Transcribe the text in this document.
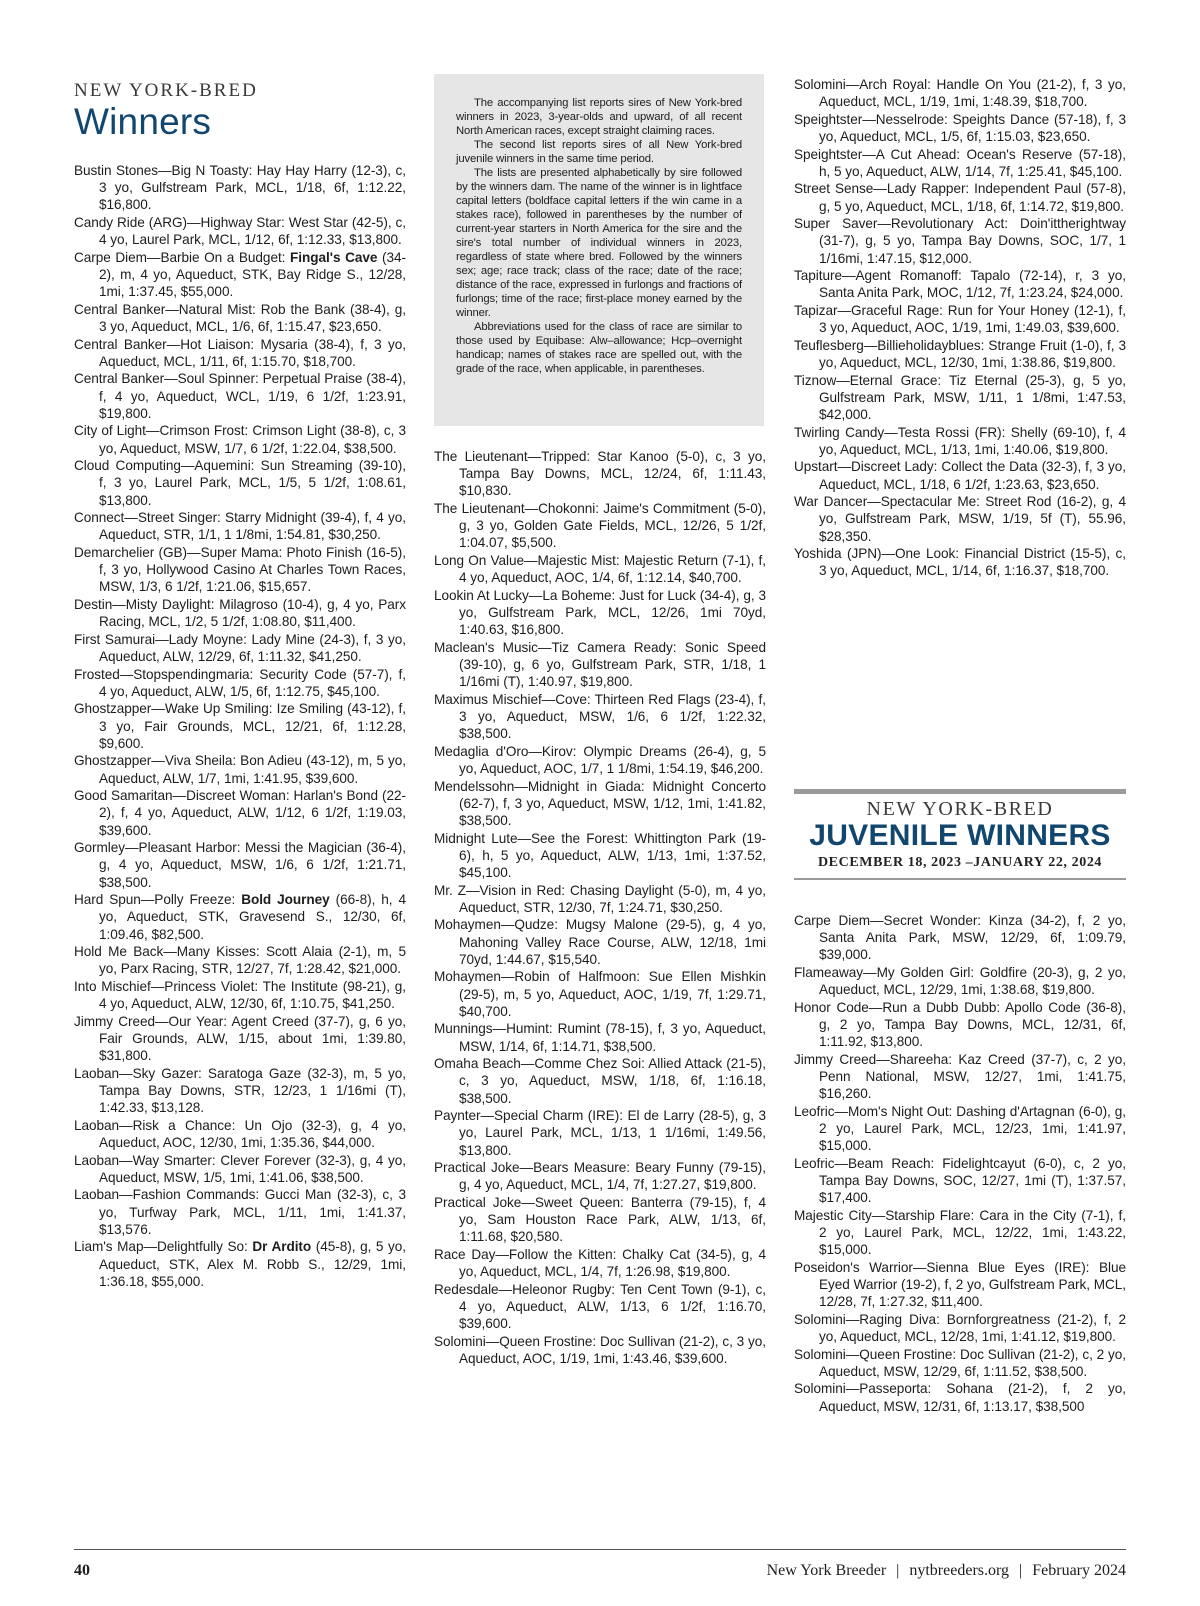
NEW YORK-BRED
Winners

Bustin Stones—Big N Toasty: Hay Hay Harry (12-3), c, 3 yo, Gulfstream Park, MCL, 1/18, 6f, 1:12.22, $16,800.

Candy Ride (ARG)—Highway Star: West Star (42-5), c, 4 yo, Laurel Park, MCL, 1/12, 6f, 1:12.33, $13,800.

Carpe Diem—Barbie On a Budget: Fingal's Cave (34-2), m, 4 yo, Aqueduct, STK, Bay Ridge S., 12/28, 1mi, 1:37.45, $55,000.

Central Banker—Natural Mist: Rob the Bank (38-4), g, 3 yo, Aqueduct, MCL, 1/6, 6f, 1:15.47, $23,650.

Central Banker—Hot Liaison: Mysaria (38-4), f, 3 yo, Aqueduct, MCL, 1/11, 6f, 1:15.70, $18,700.

Central Banker—Soul Spinner: Perpetual Praise (38-4), f, 4 yo, Aqueduct, WCL, 1/19, 6 1/2f, 1:23.91, $19,800.

City of Light—Crimson Frost: Crimson Light (38-8), c, 3 yo, Aqueduct, MSW, 1/7, 6 1/2f, 1:22.04, $38,500.

Cloud Computing—Aquemini: Sun Streaming (39-10), f, 3 yo, Laurel Park, MCL, 1/5, 5 1/2f, 1:08.61, $13,800.

Connect—Street Singer: Starry Midnight (39-4), f, 4 yo, Aqueduct, STR, 1/1, 1 1/8mi, 1:54.81, $30,250.

Demarchelier (GB)—Super Mama: Photo Finish (16-5), f, 3 yo, Hollywood Casino At Charles Town Races, MSW, 1/3, 6 1/2f, 1:21.06, $15,657.

Destin—Misty Daylight: Milagroso (10-4), g, 4 yo, Parx Racing, MCL, 1/2, 5 1/2f, 1:08.80, $11,400.

First Samurai—Lady Moyne: Lady Mine (24-3), f, 3 yo, Aqueduct, ALW, 12/29, 6f, 1:11.32, $41,250.

Frosted—Stopspendingmaria: Security Code (57-7), f, 4 yo, Aqueduct, ALW, 1/5, 6f, 1:12.75, $45,100.

Ghostzapper—Wake Up Smiling: Ize Smiling (43-12), f, 3 yo, Fair Grounds, MCL, 12/21, 6f, 1:12.28, $9,600.

Ghostzapper—Viva Sheila: Bon Adieu (43-12), m, 5 yo, Aqueduct, ALW, 1/7, 1mi, 1:41.95, $39,600.

Good Samaritan—Discreet Woman: Harlan's Bond (22-2), f, 4 yo, Aqueduct, ALW, 1/12, 6 1/2f, 1:19.03, $39,600.

Gormley—Pleasant Harbor: Messi the Magician (36-4), g, 4 yo, Aqueduct, MSW, 1/6, 6 1/2f, 1:21.71, $38,500.

Hard Spun—Polly Freeze: Bold Journey (66-8), h, 4 yo, Aqueduct, STK, Gravesend S., 12/30, 6f, 1:09.46, $82,500.

Hold Me Back—Many Kisses: Scott Alaia (2-1), m, 5 yo, Parx Racing, STR, 12/27, 7f, 1:28.42, $21,000.

Into Mischief—Princess Violet: The Institute (98-21), g, 4 yo, Aqueduct, ALW, 12/30, 6f, 1:10.75, $41,250.

Jimmy Creed—Our Year: Agent Creed (37-7), g, 6 yo, Fair Grounds, ALW, 1/15, about 1mi, 1:39.80, $31,800.

Laoban—Sky Gazer: Saratoga Gaze (32-3), m, 5 yo, Tampa Bay Downs, STR, 12/23, 1 1/16mi (T), 1:42.33, $13,128.

Laoban—Risk a Chance: Un Ojo (32-3), g, 4 yo, Aqueduct, AOC, 12/30, 1mi, 1:35.36, $44,000.

Laoban—Way Smarter: Clever Forever (32-3), g, 4 yo, Aqueduct, MSW, 1/5, 1mi, 1:41.06, $38,500.

Laoban—Fashion Commands: Gucci Man (32-3), c, 3 yo, Turfway Park, MCL, 1/11, 1mi, 1:41.37, $13,576.

Liam's Map—Delightfully So: Dr Ardito (45-8), g, 5 yo, Aqueduct, STK, Alex M. Robb S., 12/29, 1mi, 1:36.18, $55,000.

The accompanying list reports sires of New York-bred winners in 2023, 3-year-olds and upward, of all recent North American races, except straight claiming races.

The second list reports sires of all New York-bred juvenile winners in the same time period.

The lists are presented alphabetically by sire followed by the winners dam. The name of the winner is in lightface capital letters (boldface capital letters if the win came in a stakes race), followed in parentheses by the number of current-year starters in North America for the sire and the sire's total number of individual winners in 2023, regardless of state where bred. Followed by the winners sex; age; race track; class of the race; date of the race; distance of the race, expressed in furlongs and fractions of furlongs; time of the race; first-place money earned by the winner.

Abbreviations used for the class of race are similar to those used by Equibase: Alw–allowance; Hcp–overnight handicap; names of stakes race are spelled out, with the grade of the race, when applicable, in parentheses.

The Lieutenant—Tripped: Star Kanoo (5-0), c, 3 yo, Tampa Bay Downs, MCL, 12/24, 6f, 1:11.43, $10,830.

The Lieutenant—Chokonni: Jaime's Commitment (5-0), g, 3 yo, Golden Gate Fields, MCL, 12/26, 5 1/2f, 1:04.07, $5,500.

Long On Value—Majestic Mist: Majestic Return (7-1), f, 4 yo, Aqueduct, AOC, 1/4, 6f, 1:12.14, $40,700.

Lookin At Lucky—La Boheme: Just for Luck (34-4), g, 3 yo, Gulfstream Park, MCL, 12/26, 1mi 70yd, 1:40.63, $16,800.

Maclean's Music—Tiz Camera Ready: Sonic Speed (39-10), g, 6 yo, Gulfstream Park, STR, 1/18, 1 1/16mi (T), 1:40.97, $19,800.

Maximus Mischief—Cove: Thirteen Red Flags (23-4), f, 3 yo, Aqueduct, MSW, 1/6, 6 1/2f, 1:22.32, $38,500.

Medaglia d'Oro—Kirov: Olympic Dreams (26-4), g, 5 yo, Aqueduct, AOC, 1/7, 1 1/8mi, 1:54.19, $46,200.

Mendelssohn—Midnight in Giada: Midnight Concerto (62-7), f, 3 yo, Aqueduct, MSW, 1/12, 1mi, 1:41.82, $38,500.

Midnight Lute—See the Forest: Whittington Park (19-6), h, 5 yo, Aqueduct, ALW, 1/13, 1mi, 1:37.52, $45,100.

Mr. Z—Vision in Red: Chasing Daylight (5-0), m, 4 yo, Aqueduct, STR, 12/30, 7f, 1:24.71, $30,250.

Mohaymen—Qudze: Mugsy Malone (29-5), g, 4 yo, Mahoning Valley Race Course, ALW, 12/18, 1mi 70yd, 1:44.67, $15,540.

Mohaymen—Robin of Halfmoon: Sue Ellen Mishkin (29-5), m, 5 yo, Aqueduct, AOC, 1/19, 7f, 1:29.71, $40,700.

Munnings—Humint: Rumint (78-15), f, 3 yo, Aqueduct, MSW, 1/14, 6f, 1:14.71, $38,500.

Omaha Beach—Comme Chez Soi: Allied Attack (21-5), c, 3 yo, Aqueduct, MSW, 1/18, 6f, 1:16.18, $38,500.

Paynter—Special Charm (IRE): El de Larry (28-5), g, 3 yo, Laurel Park, MCL, 1/13, 1 1/16mi, 1:49.56, $13,800.

Practical Joke—Bears Measure: Beary Funny (79-15), g, 4 yo, Aqueduct, MCL, 1/4, 7f, 1:27.27, $19,800.

Practical Joke—Sweet Queen: Banterra (79-15), f, 4 yo, Sam Houston Race Park, ALW, 1/13, 6f, 1:11.68, $20,580.

Race Day—Follow the Kitten: Chalky Cat (34-5), g, 4 yo, Aqueduct, MCL, 1/4, 7f, 1:26.98, $19,800.

Redesdale—Heleonor Rugby: Ten Cent Town (9-1), c, 4 yo, Aqueduct, ALW, 1/13, 6 1/2f, 1:16.70, $39,600.

Solomini—Queen Frostine: Doc Sullivan (21-2), c, 3 yo, Aqueduct, AOC, 1/19, 1mi, 1:43.46, $39,600.

Solomini—Arch Royal: Handle On You (21-2), f, 3 yo, Aqueduct, MCL, 1/19, 1mi, 1:48.39, $18,700.

Speightster—Nesselrode: Speights Dance (57-18), f, 3 yo, Aqueduct, MCL, 1/5, 6f, 1:15.03, $23,650.

Speightster—A Cut Ahead: Ocean's Reserve (57-18), h, 5 yo, Aqueduct, ALW, 1/14, 7f, 1:25.41, $45,100.

Street Sense—Lady Rapper: Independent Paul (57-8), g, 5 yo, Aqueduct, MCL, 1/18, 6f, 1:14.72, $19,800.

Super Saver—Revolutionary Act: Doin'ittherightway (31-7), g, 5 yo, Tampa Bay Downs, SOC, 1/7, 1 1/16mi, 1:47.15, $12,000.

Tapiture—Agent Romanoff: Tapalo (72-14), r, 3 yo, Santa Anita Park, MOC, 1/12, 7f, 1:23.24, $24,000.

Tapizar—Graceful Rage: Run for Your Honey (12-1), f, 3 yo, Aqueduct, AOC, 1/19, 1mi, 1:49.03, $39,600.

Teuflesberg—Billieholidayblues: Strange Fruit (1-0), f, 3 yo, Aqueduct, MCL, 12/30, 1mi, 1:38.86, $19,800.

Tiznow—Eternal Grace: Tiz Eternal (25-3), g, 5 yo, Gulfstream Park, MSW, 1/11, 1 1/8mi, 1:47.53, $42,000.

Twirling Candy—Testa Rossi (FR): Shelly (69-10), f, 4 yo, Aqueduct, MCL, 1/13, 1mi, 1:40.06, $19,800.

Upstart—Discreet Lady: Collect the Data (32-3), f, 3 yo, Aqueduct, MCL, 1/18, 6 1/2f, 1:23.63, $23,650.

War Dancer—Spectacular Me: Street Rod (16-2), g, 4 yo, Gulfstream Park, MSW, 1/19, 5f (T), 55.96, $28,350.

Yoshida (JPN)—One Look: Financial District (15-5), c, 3 yo, Aqueduct, MCL, 1/14, 6f, 1:16.37, $18,700.

NEW YORK-BRED
JUVENILE WINNERS
DECEMBER 18, 2023 –JANUARY 22, 2024

Carpe Diem—Secret Wonder: Kinza (34-2), f, 2 yo, Santa Anita Park, MSW, 12/29, 6f, 1:09.79, $39,000.

Flameaway—My Golden Girl: Goldfire (20-3), g, 2 yo, Aqueduct, MCL, 12/29, 1mi, 1:38.68, $19,800.

Honor Code—Run a Dubb Dubb: Apollo Code (36-8), g, 2 yo, Tampa Bay Downs, MCL, 12/31, 6f, 1:11.92, $13,800.

Jimmy Creed—Shareeha: Kaz Creed (37-7), c, 2 yo, Penn National, MSW, 12/27, 1mi, 1:41.75, $16,260.

Leofric—Mom's Night Out: Dashing d'Artagnan (6-0), g, 2 yo, Laurel Park, MCL, 12/23, 1mi, 1:41.97, $15,000.

Leofric—Beam Reach: Fidelightcayut (6-0), c, 2 yo, Tampa Bay Downs, SOC, 12/27, 1mi (T), 1:37.57, $17,400.

Majestic City—Starship Flare: Cara in the City (7-1), f, 2 yo, Laurel Park, MCL, 12/22, 1mi, 1:43.22, $15,000.

Poseidon's Warrior—Sienna Blue Eyes (IRE): Blue Eyed Warrior (19-2), f, 2 yo, Gulfstream Park, MCL, 12/28, 7f, 1:27.32, $11,400.

Solomini—Raging Diva: Bornforgreatness (21-2), f, 2 yo, Aqueduct, MCL, 12/28, 1mi, 1:41.12, $19,800.

Solomini—Queen Frostine: Doc Sullivan (21-2), c, 2 yo, Aqueduct, MSW, 12/29, 6f, 1:11.52, $38,500.

Solomini—Passeporta: Sohana (21-2), f, 2 yo, Aqueduct, MSW, 12/31, 6f, 1:13.17, $38,500

40	New York Breeder | nytbreeders.org | February 2024
